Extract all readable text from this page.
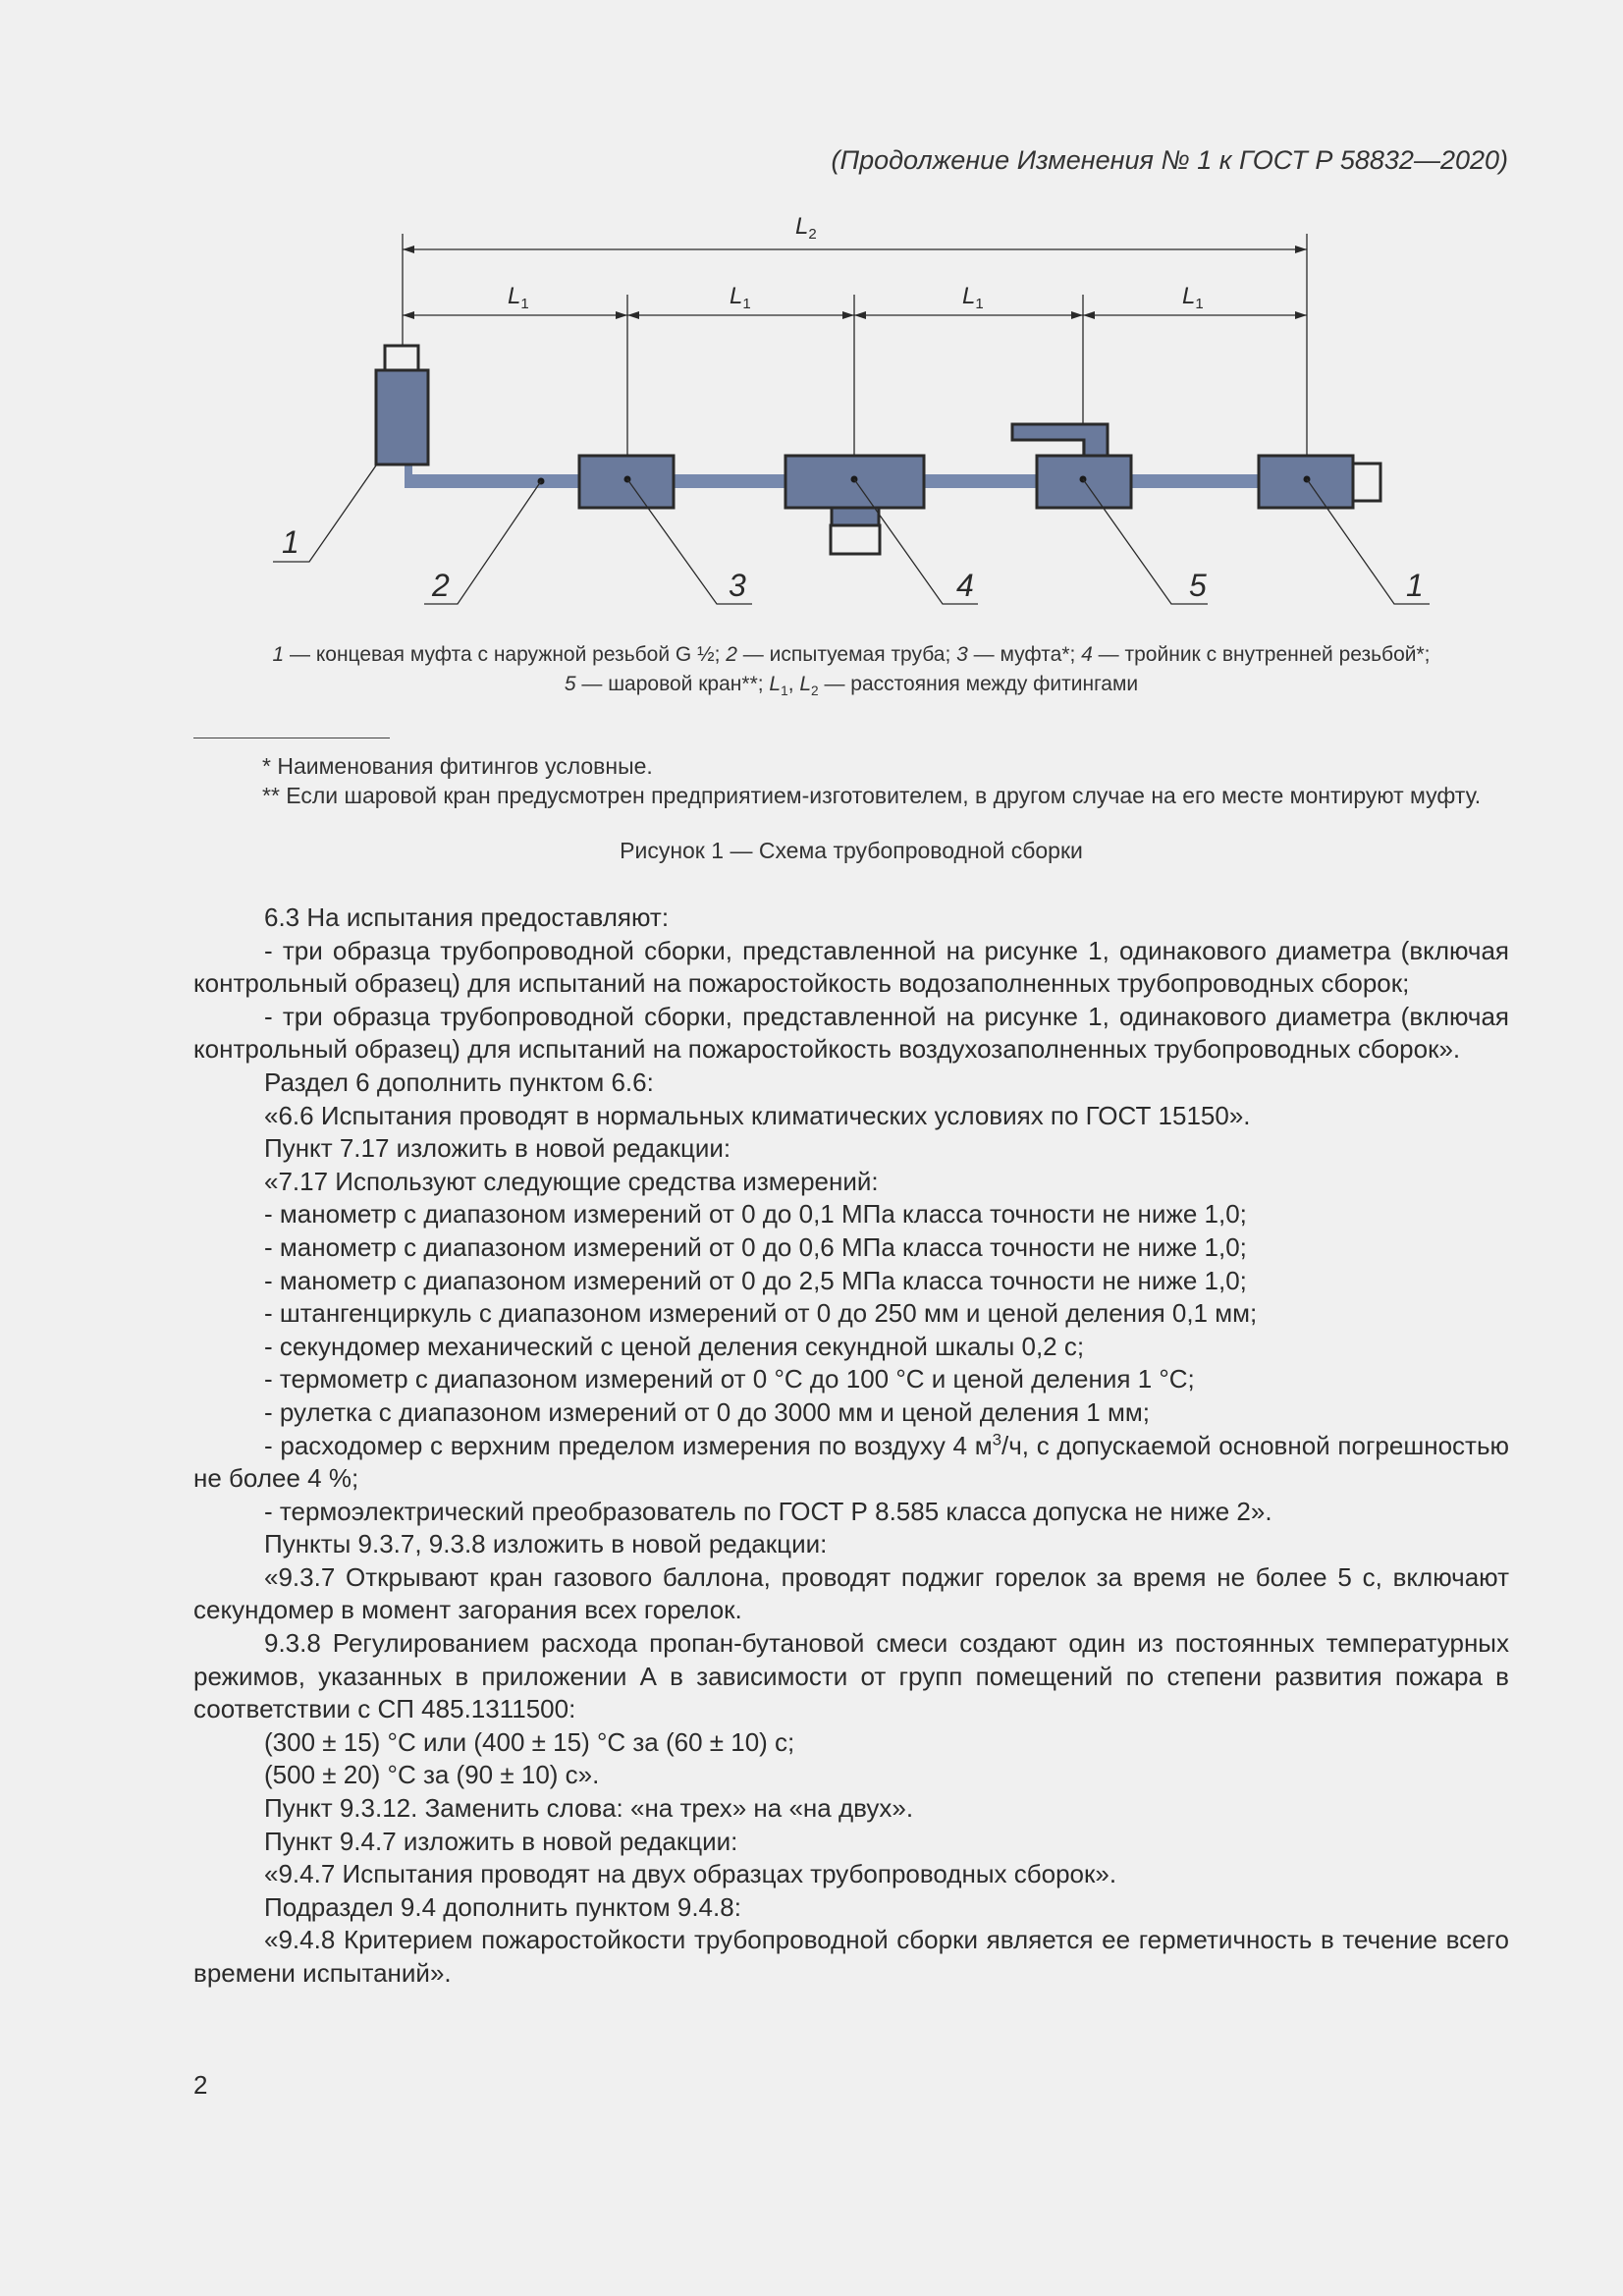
(Продолжение Изменения № 1 к ГОСТ Р 58832—2020)
$L_2$
$L_1$	$L_1$	$L_1$	$L_1$
1
2	3	4	5	1
1 — концевая муфта с наружной резьбой G ½; 2 — испытуемая труба; 3 — муфта*; 4 — тройник с внутренней резьбой*;
5 — шаровой кран**; $L_1$, $L_2$ — расстояния между фитингами

* Наименования фитингов условные.

** Если шаровой кран предусмотрен предприятием-изготовителем, в другом случае на его месте монтируют муфту.

Рисунок 1 — Схема трубопроводной сборки

6.3 На испытания предоставляют:

- три образца трубопроводной сборки, представленной на рисунке 1, одинакового диаметра (включая контрольный образец) для испытаний на пожаростойкость водозаполненных трубопроводных сборок;

- три образца трубопроводной сборки, представленной на рисунке 1, одинакового диаметра (включая контрольный образец) для испытаний на пожаростойкость воздухозаполненных трубопроводных сборок».

Раздел 6 дополнить пунктом 6.6:

«6.6 Испытания проводят в нормальных климатических условиях по ГОСТ 15150».

Пункт 7.17 изложить в новой редакции:

«7.17 Используют следующие средства измерений:

- манометр с диапазоном измерений от 0 до 0,1 МПа класса точности не ниже 1,0;

- манометр с диапазоном измерений от 0 до 0,6 МПа класса точности не ниже 1,0;

- манометр с диапазоном измерений от 0 до 2,5 МПа класса точности не ниже 1,0;

- штангенциркуль с диапазоном измерений от 0 до 250 мм и ценой деления 0,1 мм;

- секундомер механический с ценой деления секундной шкалы 0,2 с;

- термометр с диапазоном измерений от 0 °С до 100 °С и ценой деления 1 °С;

- рулетка с диапазоном измерений от 0 до 3000 мм и ценой деления 1 мм;

- расходомер с верхним пределом измерения по воздуху 4 $м^3/ч$, с допускаемой основной погрешностью не более 4 %;

- термоэлектрический преобразователь по ГОСТ Р 8.585 класса допуска не ниже 2».

Пункты 9.3.7, 9.3.8 изложить в новой редакции:

«9.3.7 Открывают кран газового баллона, проводят поджиг горелок за время не более 5 с, включают секундомер в момент загорания всех горелок.

9.3.8 Регулированием расхода пропан-бутановой смеси создают один из постоянных температурных режимов, указанных в приложении А в зависимости от групп помещений по степени развития пожара в соответствии с СП 485.1311500:

(300 ± 15) °С или (400 ± 15) °С за (60 ± 10) с;

(500 ± 20) °С за (90 ± 10) с».

Пункт 9.3.12. Заменить слова: «на трех» на «на двух».

Пункт 9.4.7 изложить в новой редакции:

«9.4.7 Испытания проводят на двух образцах трубопроводных сборок».

Подраздел 9.4 дополнить пунктом 9.4.8:

«9.4.8 Критерием пожаростойкости трубопроводной сборки является ее герметичность в течение всего времени испытаний».

2
